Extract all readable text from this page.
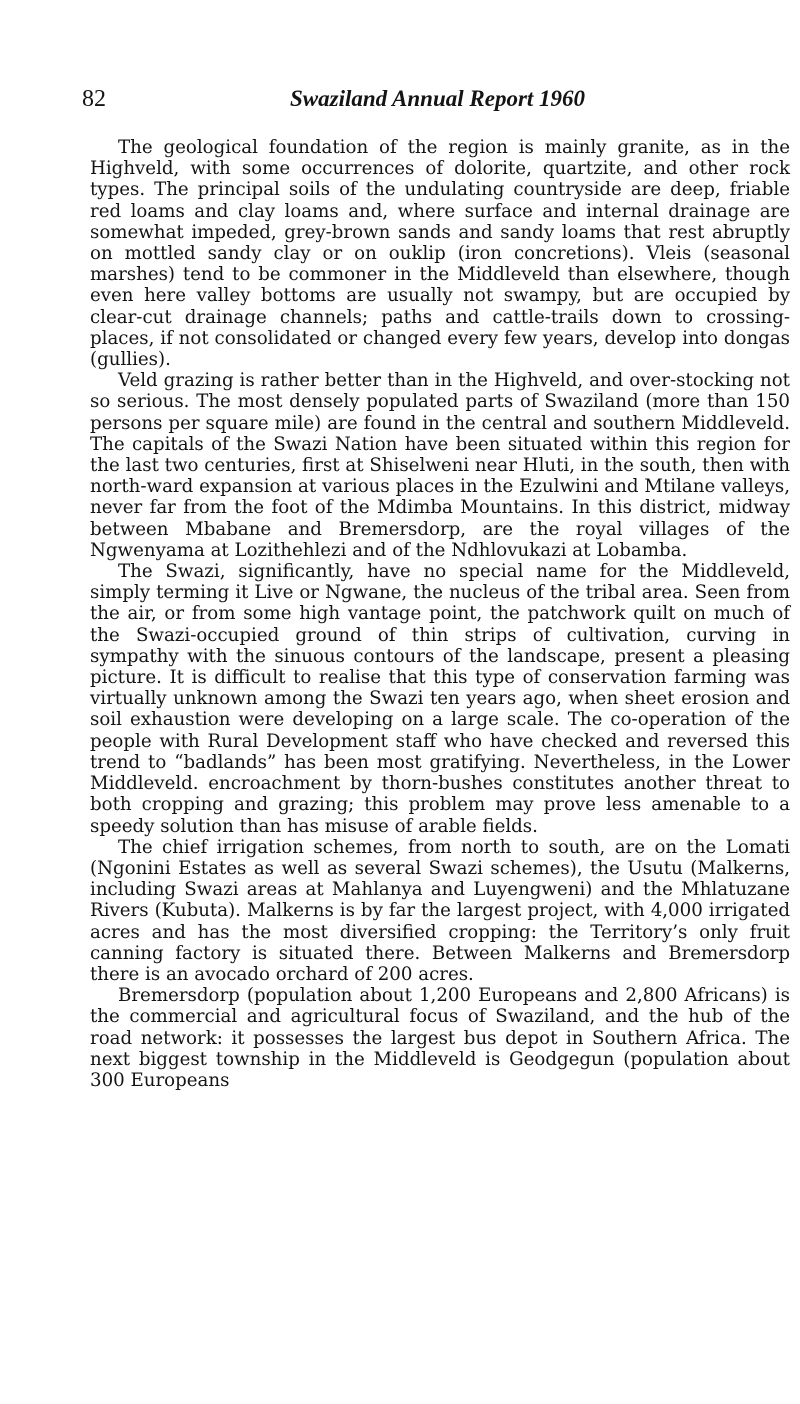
82	Swaziland Annual Report 1960

The geological foundation of the region is mainly granite, as in the Highveld, with some occurrences of dolorite, quartzite, and other rock types. The principal soils of the undulating countryside are deep, friable red loams and clay loams and, where surface and internal drainage are somewhat impeded, grey-brown sands and sandy loams that rest abruptly on mottled sandy clay or on ouklip (iron concretions). Vleis (seasonal marshes) tend to be commoner in the Middleveld than elsewhere, though even here valley bottoms are usually not swampy, but are occupied by clear-cut drainage channels; paths and cattle-trails down to crossing-places, if not consolidated or changed every few years, develop into dongas (gullies).

Veld grazing is rather better than in the Highveld, and over-stocking not so serious. The most densely populated parts of Swaziland (more than 150 persons per square mile) are found in the central and southern Middleveld. The capitals of the Swazi Nation have been situated within this region for the last two centuries, first at Shiselweni near Hluti, in the south, then with north-ward expansion at various places in the Ezulwini and Mtilane valleys, never far from the foot of the Mdimba Mountains. In this district, midway between Mbabane and Bremersdorp, are the royal villages of the Ngwenyama at Lozithehlezi and of the Ndhlovukazi at Lobamba.

The Swazi, significantly, have no special name for the Middleveld, simply terming it Live or Ngwane, the nucleus of the tribal area. Seen from the air, or from some high vantage point, the patchwork quilt on much of the Swazi-occupied ground of thin strips of cultivation, curving in sympathy with the sinuous contours of the landscape, present a pleasing picture. It is difficult to realise that this type of conservation farming was virtually unknown among the Swazi ten years ago, when sheet erosion and soil exhaustion were developing on a large scale. The co-operation of the people with Rural Development staff who have checked and reversed this trend to “badlands” has been most gratifying. Nevertheless, in the Lower Middleveld. encroachment by thorn-bushes constitutes another threat to both cropping and grazing; this problem may prove less amenable to a speedy solution than has misuse of arable fields.

The chief irrigation schemes, from north to south, are on the Lomati (Ngonini Estates as well as several Swazi schemes), the Usutu (Malkerns, including Swazi areas at Mahlanya and Luyengweni) and the Mhlatuzane Rivers (Kubuta). Malkerns is by far the largest project, with 4,000 irrigated acres and has the most diversified cropping: the Territory’s only fruit canning factory is situated there. Between Malkerns and Bremersdorp there is an avocado orchard of 200 acres.

Bremersdorp (population about 1,200 Europeans and 2,800 Africans) is the commercial and agricultural focus of Swaziland, and the hub of the road network: it possesses the largest bus depot in Southern Africa. The next biggest township in the Middleveld is Geodgegun (population about 300 Europeans
